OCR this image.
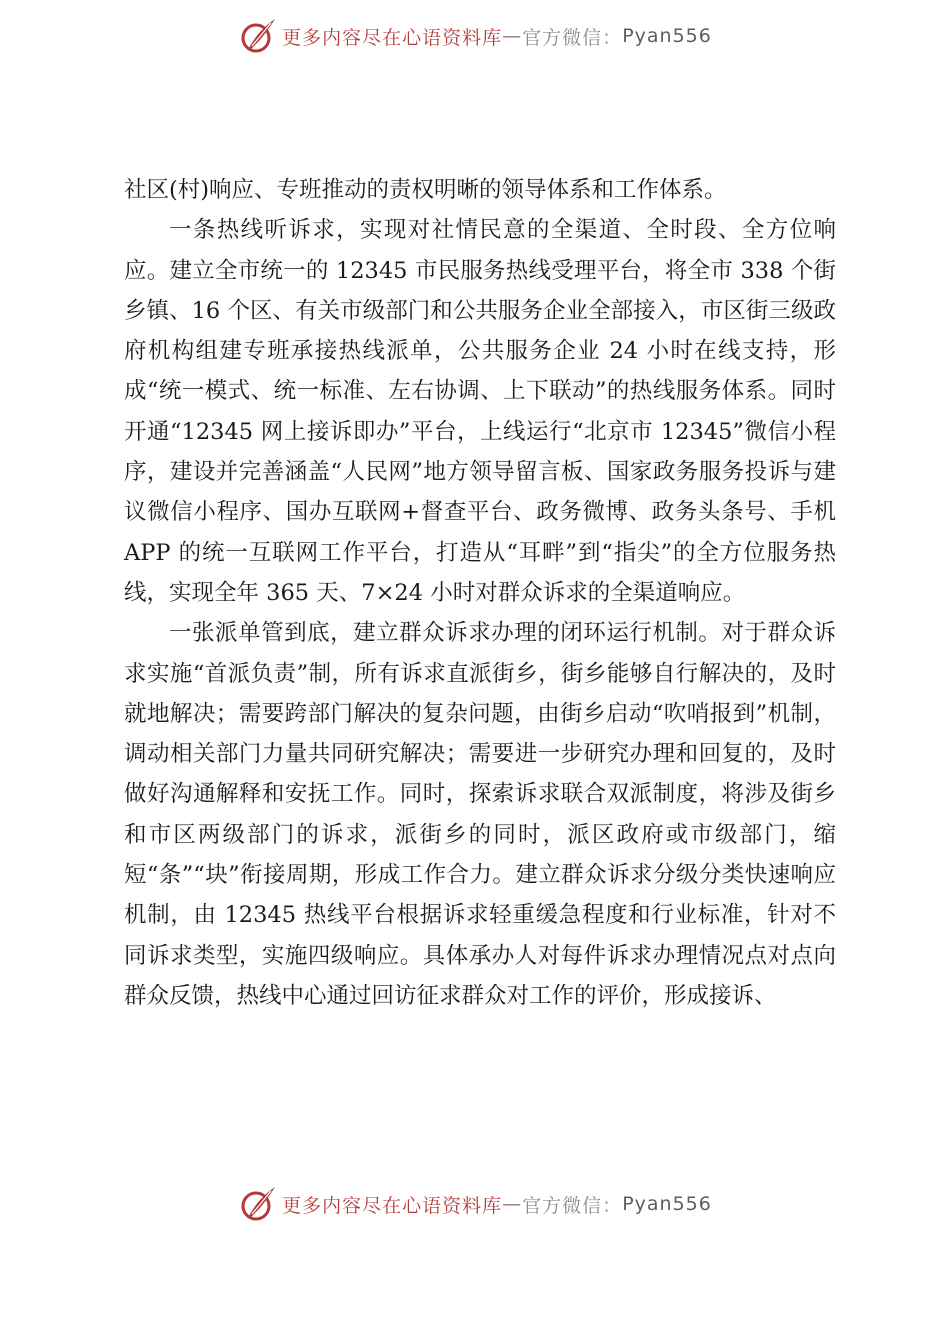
更多内容尽在心语资料库 — 官方微信： Pyan556

社区(村)响应、专班推动的责权明晰的领导体系和工作体系。

一条热线听诉求，实现对社情民意的全渠道、全时段、全方位响应。建立全市统一的 12345 市民服务热线受理平台，将全市 338 个街乡镇、16 个区、有关市级部门和公共服务企业全部接入，市区街三级政府机构组建专班承接热线派单，公共服务企业 24 小时在线支持，形成“统一模式、统一标准、左右协调、上下联动”的热线服务体系。同时开通“12345 网上接诉即办”平台，上线运行“北京市 12345”微信小程序，建设并完善涵盖“人民网”地方领导留言板、国家政务服务投诉与建议微信小程序、国办互联网+督查平台、政务微博、政务头条号、手机 APP 的统一互联网工作平台，打造从“耳畔”到“指尖”的全方位服务热线，实现全年 365 天、7×24 小时对群众诉求的全渠道响应。

一张派单管到底，建立群众诉求办理的闭环运行机制。对于群众诉求实施“首派负责”制，所有诉求直派街乡，街乡能够自行解决的，及时就地解决；需要跨部门解决的复杂问题，由街乡启动“吹哨报到”机制，调动相关部门力量共同研究解决；需要进一步研究办理和回复的，及时做好沟通解释和安抚工作。同时，探索诉求联合双派制度，将涉及街乡和市区两级部门的诉求，派街乡的同时，派区政府或市级部门，缩短“条”“块”衔接周期，形成工作合力。建立群众诉求分级分类快速响应机制，由 12345 热线平台根据诉求轻重缓急程度和行业标准，针对不同诉求类型，实施四级响应。具体承办人对每件诉求办理情况点对点向群众反馈，热线中心通过回访征求群众对工作的评价，形成接诉、

更多内容尽在心语资料库 — 官方微信： Pyan556
